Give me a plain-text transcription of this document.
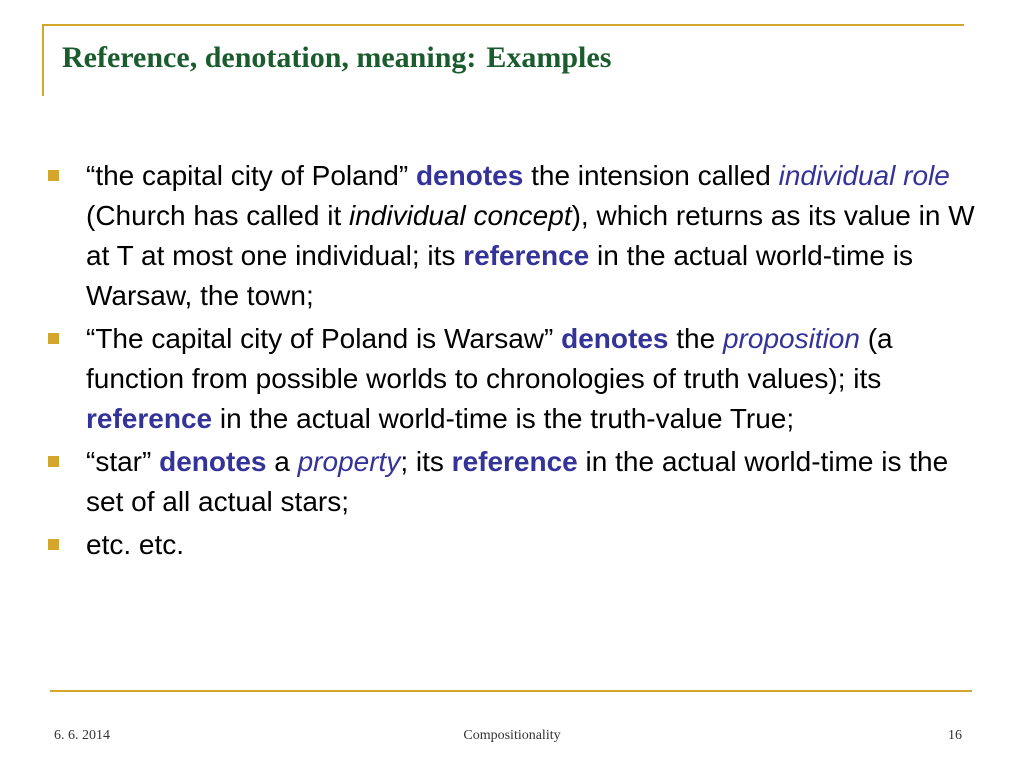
Reference, denotation, meaning: Examples
“the capital city of Poland” denotes the intension called individual role (Church has called it individual concept), which returns as its value in W at T at most one individual; its reference in the actual world-time is Warsaw, the town;
“The capital city of Poland is Warsaw” denotes the proposition (a function from possible worlds to chronologies of truth values); its reference in the actual world-time is the truth-value True;
“star” denotes a property; its reference in the actual world-time is the set of all actual stars;
etc. etc.
6. 6. 2014	Compositionality	16
